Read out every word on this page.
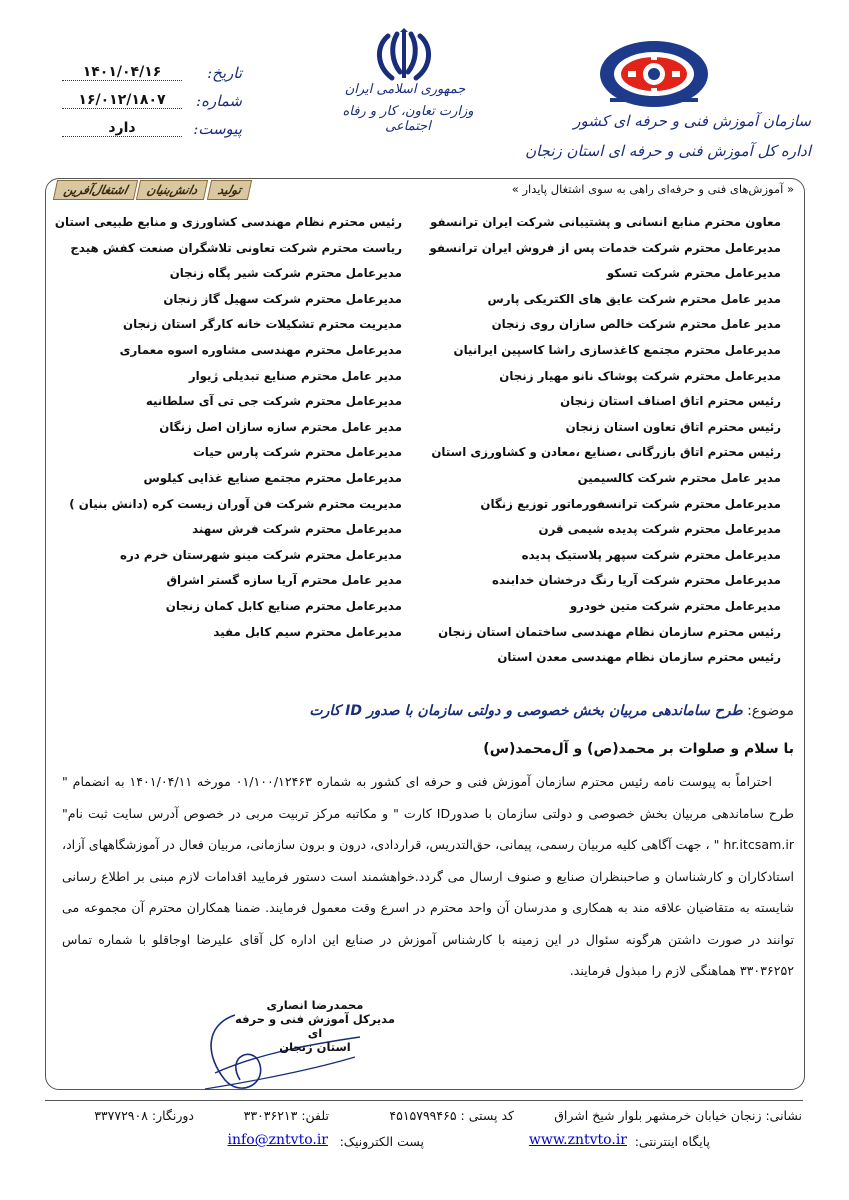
تاریخ:
۱۴۰۱/۰۴/۱۶
شماره:
۱۶/۰۱۲/۱۸۰۷
پیوست:
دارد
جمهوری اسلامی ایران
وزارت تعاون، کار و رفاه اجتماعی	سازمان آموزش فنی و حرفه ای کشور
اداره کل آموزش فنی و حرفه ای استان زنجان
« آموزش‌های فنی و حرفه‌ای راهی به سوی اشتغال پایدار »
تولید
دانش‌بنیان
اشتغال‌آفرین
معاون محترم منابع انسانی و پشتیبانی شرکت ایران ترانسفو
مدیرعامل محترم شرکت خدمات پس از فروش ایران ترانسفو
مدیرعامل محترم شرکت تسکو
مدیر عامل محترم شرکت عایق های الکتریکی پارس
مدیر عامل محترم شرکت خالص سازان روی زنجان
مدیرعامل محترم مجتمع کاغذسازی راشا کاسپین ایرانیان
مدیرعامل محترم شرکت پوشاک نانو مهیار زنجان
رئیس محترم اتاق اصناف استان زنجان
رئیس محترم اتاق تعاون استان زنجان
رئیس محترم اتاق بازرگانی ،صنایع ،معادن و کشاورزی استان
مدیر عامل محترم شرکت کالسیمین
مدیرعامل محترم شرکت ترانسفورماتور توزیع زنگان
مدیرعامل محترم شرکت پدیده شیمی قرن
مدیرعامل محترم شرکت سپهر پلاستیک پدیده
مدیرعامل محترم شرکت آریا رنگ درخشان خدابنده
مدیرعامل محترم شرکت متین خودرو
رئیس محترم سازمان نظام مهندسی ساختمان استان زنجان
رئیس محترم سازمان نظام مهندسی معدن استان
رئیس محترم نظام مهندسی کشاورزی و منابع طبیعی استان
ریاست محترم شرکت تعاونی تلاشگران صنعت کفش هیدج
مدیرعامل محترم شرکت شیر پگاه زنجان
مدیرعامل محترم شرکت سهیل گاز زنجان
مدیریت محترم تشکیلات خانه کارگر استان زنجان
مدیرعامل محترم مهندسی مشاوره اسوه معماری
مدیر عامل محترم صنایع تبدیلی ژیوار
مدیرعامل محترم شرکت جی تی آی سلطانیه
مدیر عامل محترم سازه سازان اصل زنگان
مدیرعامل محترم شرکت پارس حیات
مدیرعامل محترم مجتمع صنایع غذایی کیلوس
مدیریت محترم شرکت فن آوران زیست کره (دانش بنیان )
مدیرعامل محترم شرکت فرش سهند
مدیرعامل محترم شرکت مینو شهرستان خرم دره
مدیر عامل محترم آریا سازه گستر اشراق
مدیرعامل محترم صنایع کابل کمان زنجان
مدیرعامل محترم سیم کابل مفید
موضوع: طرح ساماندهی مربیان بخش خصوصی و دولتی سازمان با صدور ID کارت
با سلام و صلوات بر محمد(ص) و آل‌محمد(س)

احتراماً به پیوست نامه رئیس محترم سازمان آموزش فنی و حرفه ای کشور به شماره ۰۱/۱۰۰/۱۲۴۶۳ مورخه ۱۴۰۱/۰۴/۱۱ به انضمام " طرح ساماندهی مربیان بخش خصوصی و دولتی سازمان با صدورID کارت " و مکاتبه مرکز تربیت مربی در خصوص آدرس سایت ثبت نام" hr.itcsam.ir " ، جهت آگاهی کلیه مربیان رسمی، پیمانی، حق‌التدریس، قراردادی، درون و برون سازمانی، مربیان فعال در آموزشگاههای آزاد، استادکاران و کارشناسان و صاحبنظران صنایع و صنوف ارسال می گردد.خواهشمند است دستور فرمایید اقدامات لازم مبنی بر اطلاع رسانی شایسته به متقاضیان علاقه مند به همکاری و مدرسان آن واحد محترم در اسرع وقت معمول فرمایند. ضمنا همکاران محترم آن مجموعه می توانند در صورت داشتن هرگونه سئوال در این زمینه با کارشناس آموزش در صنایع این اداره کل آقای علیرضا اوجاقلو با شماره تماس ۳۳۰۳۶۲۵۲ هماهنگی لازم را مبذول فرمایند.

محمدرضا انصاری
مدیرکل آموزش فنی و حرفه ای
استان زنجان
نشانی: زنجان خیابان خرمشهر بلوار شیخ اشراق
کد پستی : ۴۵۱۵۷۹۹۴۶۵
تلفن: ۳۳۰۳۶۲۱۳
دورنگار: ۳۳۷۷۲۹۰۸
پایگاه اینترنتی:
www.zntvto.ir
پست الکترونیک:
info@zntvto.ir
